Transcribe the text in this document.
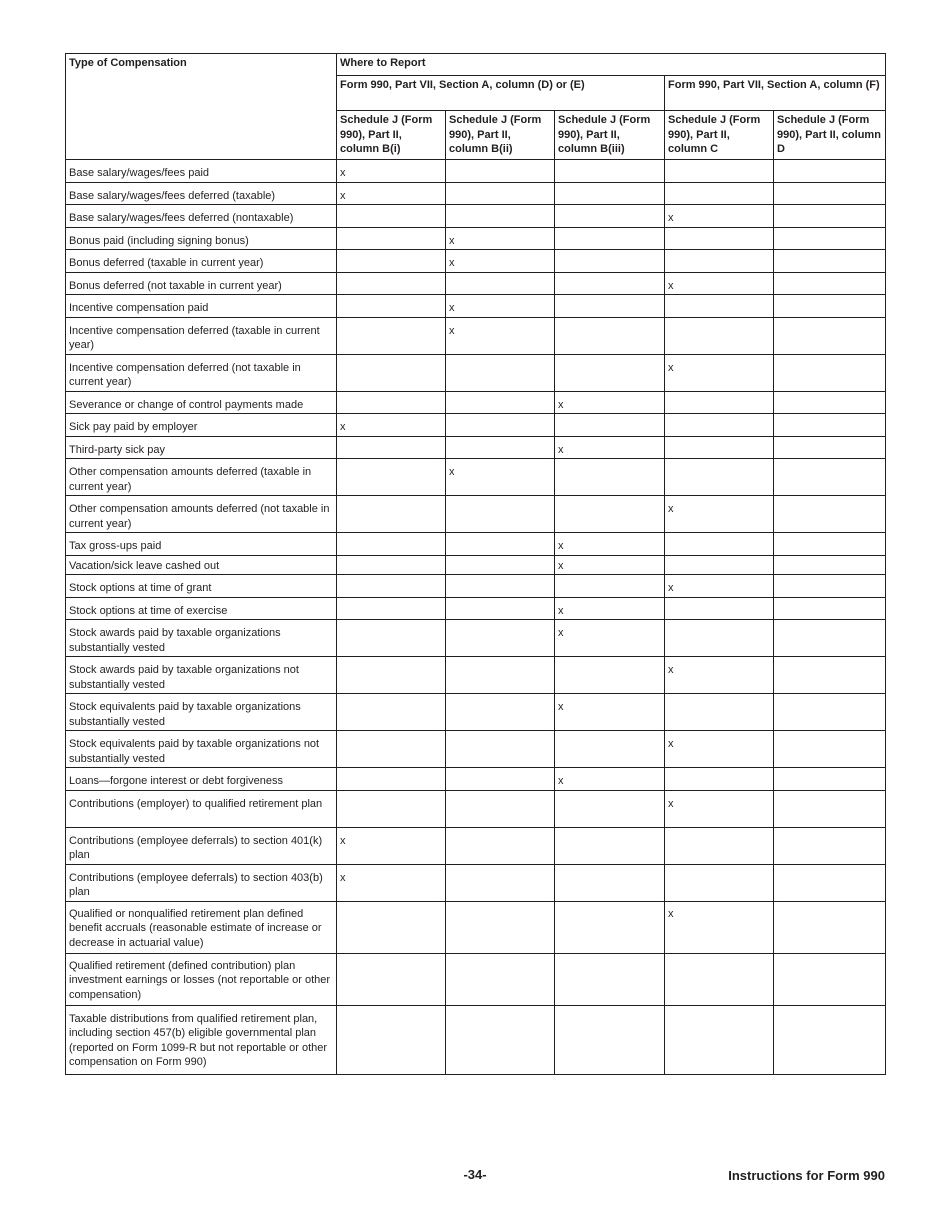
Type of Compensation	Where to Report				
	Form 990, Part VII, Section A, column (D) or (E)			Form 990, Part VII, Section A, column (F)	
	Schedule J (Form 990), Part II, column B(i)	Schedule J (Form 990), Part II, column B(ii)	Schedule J (Form 990), Part II, column B(iii)	Schedule J (Form 990), Part II, column C	Schedule J (Form 990), Part II, column D
Base salary/wages/fees paid	x				
Base salary/wages/fees deferred (taxable)	x				
Base salary/wages/fees deferred (nontaxable)				x	
Bonus paid (including signing bonus)		x			
Bonus deferred (taxable in current year)		x			
Bonus deferred (not taxable in current year)				x	
Incentive compensation paid		x			
Incentive compensation deferred (taxable in current year)		x			
Incentive compensation deferred (not taxable in current year)				x	
Severance or change of control payments made			x		
Sick pay paid by employer	x				
Third-party sick pay			x		
Other compensation amounts deferred (taxable in current year)		x			
Other compensation amounts deferred (not taxable in current year)				x	
Tax gross-ups paid			x		
Vacation/sick leave cashed out			x		
Stock options at time of grant				x	
Stock options at time of exercise			x		
Stock awards paid by taxable organizations substantially vested			x		
Stock awards paid by taxable organizations not substantially vested				x	
Stock equivalents paid by taxable organizations substantially vested			x		
Stock equivalents paid by taxable organizations not substantially vested				x	
Loans—forgone interest or debt forgiveness			x		
Contributions (employer) to qualified retirement plan				x	
Contributions (employee deferrals) to section 401(k) plan	x				
Contributions (employee deferrals) to section 403(b) plan	x				
Qualified or nonqualified retirement plan defined benefit accruals (reasonable estimate of increase or decrease in actuarial value)				x	
Qualified retirement (defined contribution) plan investment earnings or losses (not reportable or other compensation)					
Taxable distributions from qualified retirement plan, including section 457(b) eligible governmental plan (reported on Form 1099-R but not reportable or other compensation on Form 990)					
-34-	Instructions for Form 990
